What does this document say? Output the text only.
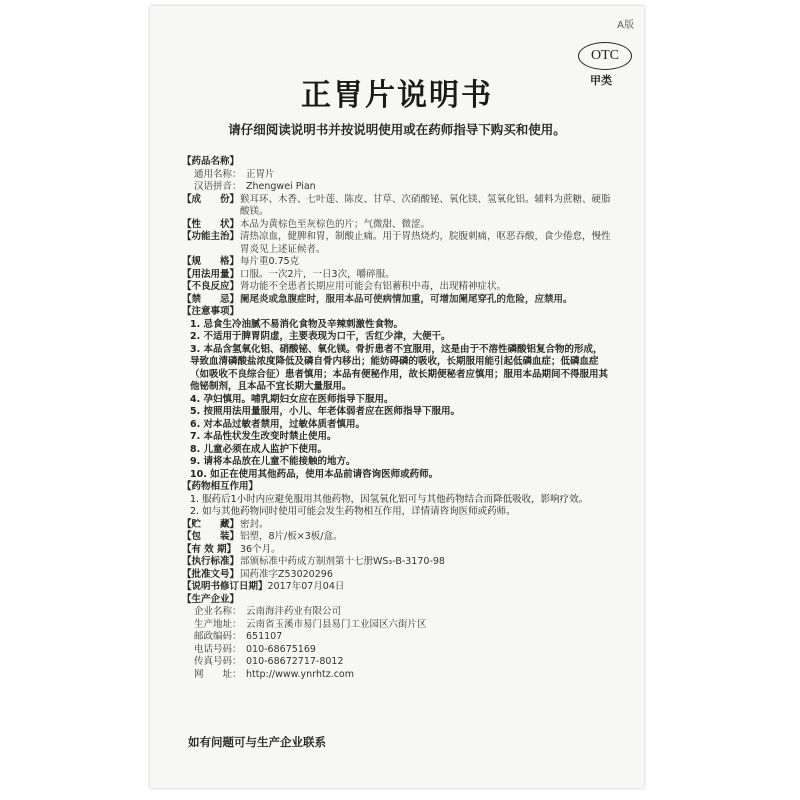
A版
OTC
甲类
正胃片说明书
请仔细阅读说明书并按说明使用或在药师指导下购买和使用。
【药品名称】
通用名称： 正胃片
汉语拼音： Zhengwei Pian
【成　　份】 猴耳环、木香、七叶莲、陈皮、甘草、次硝酸铋、氧化镁、氢氧化铝。辅料为蔗糖、硬脂酸镁。
【性　　状】 本品为黄棕色至灰棕色的片；气微甜、微涩。
【功能主治】 清热凉血，健脾和胃，制酸止痛。用于胃热烧灼，脘腹刺痛，呕恶吞酸，食少倦怠，慢性胃炎见上述证候者。
【规　　格】 每片重0.75克
【用法用量】 口服。一次2片，一日3次，嚼碎服。
【不良反应】 肾功能不全患者长期应用可能会有铝蓄积中毒，出现精神症状。
【禁　　忌】 阑尾炎或急腹症时，服用本品可使病情加重，可增加阑尾穿孔的危险，应禁用。
【注意事项】
1. 忌食生冷油腻不易消化食物及辛辣刺激性食物。
2. 不适用于脾胃阴虚，主要表现为口干，舌红少津，大便干。
3. 本品含氢氧化铝、硝酸铋、氧化镁。骨折患者不宜服用，这是由于不溶性磷酸铝复合物的形成，导致血清磷酸盐浓度降低及磷自骨内移出；能妨碍磷的吸收，长期服用能引起低磷血症；低磷血症（如吸收不良综合征）患者慎用；本品有便秘作用，故长期便秘者应慎用；服用本品期间不得服用其他铋制剂，且本品不宜长期大量服用。
4. 孕妇慎用。哺乳期妇女应在医师指导下服用。
5. 按照用法用量服用，小儿、年老体弱者应在医师指导下服用。
6. 对本品过敏者禁用，过敏体质者慎用。
7. 本品性状发生改变时禁止使用。
8. 儿童必须在成人监护下使用。
9. 请将本品放在儿童不能接触的地方。
10. 如正在使用其他药品，使用本品前请咨询医师或药师。
【药物相互作用】
1. 服药后1小时内应避免服用其他药物，因氢氧化铝可与其他药物结合而降低吸收，影响疗效。
2. 如与其他药物同时使用可能会发生药物相互作用，详情请咨询医师或药师。
【贮　　藏】 密封。
【包　　装】 铝塑，8片/板×3板/盒。
【有 效 期】 36个月。
【执行标准】 部颁标准中药成方制剂第十七册WS₃-B-3170-98
【批准文号】 国药准字Z53020296
【说明书修订日期】2017年07月04日
【生产企业】
企业名称： 云南海沣药业有限公司
生产地址： 云南省玉溪市易门县易门工业园区六街片区
邮政编码： 651107
电话号码： 010-68675169
传真号码： 010-68672717-8012
网　　址： http://www.ynrhtz.com
如有问题可与生产企业联系
